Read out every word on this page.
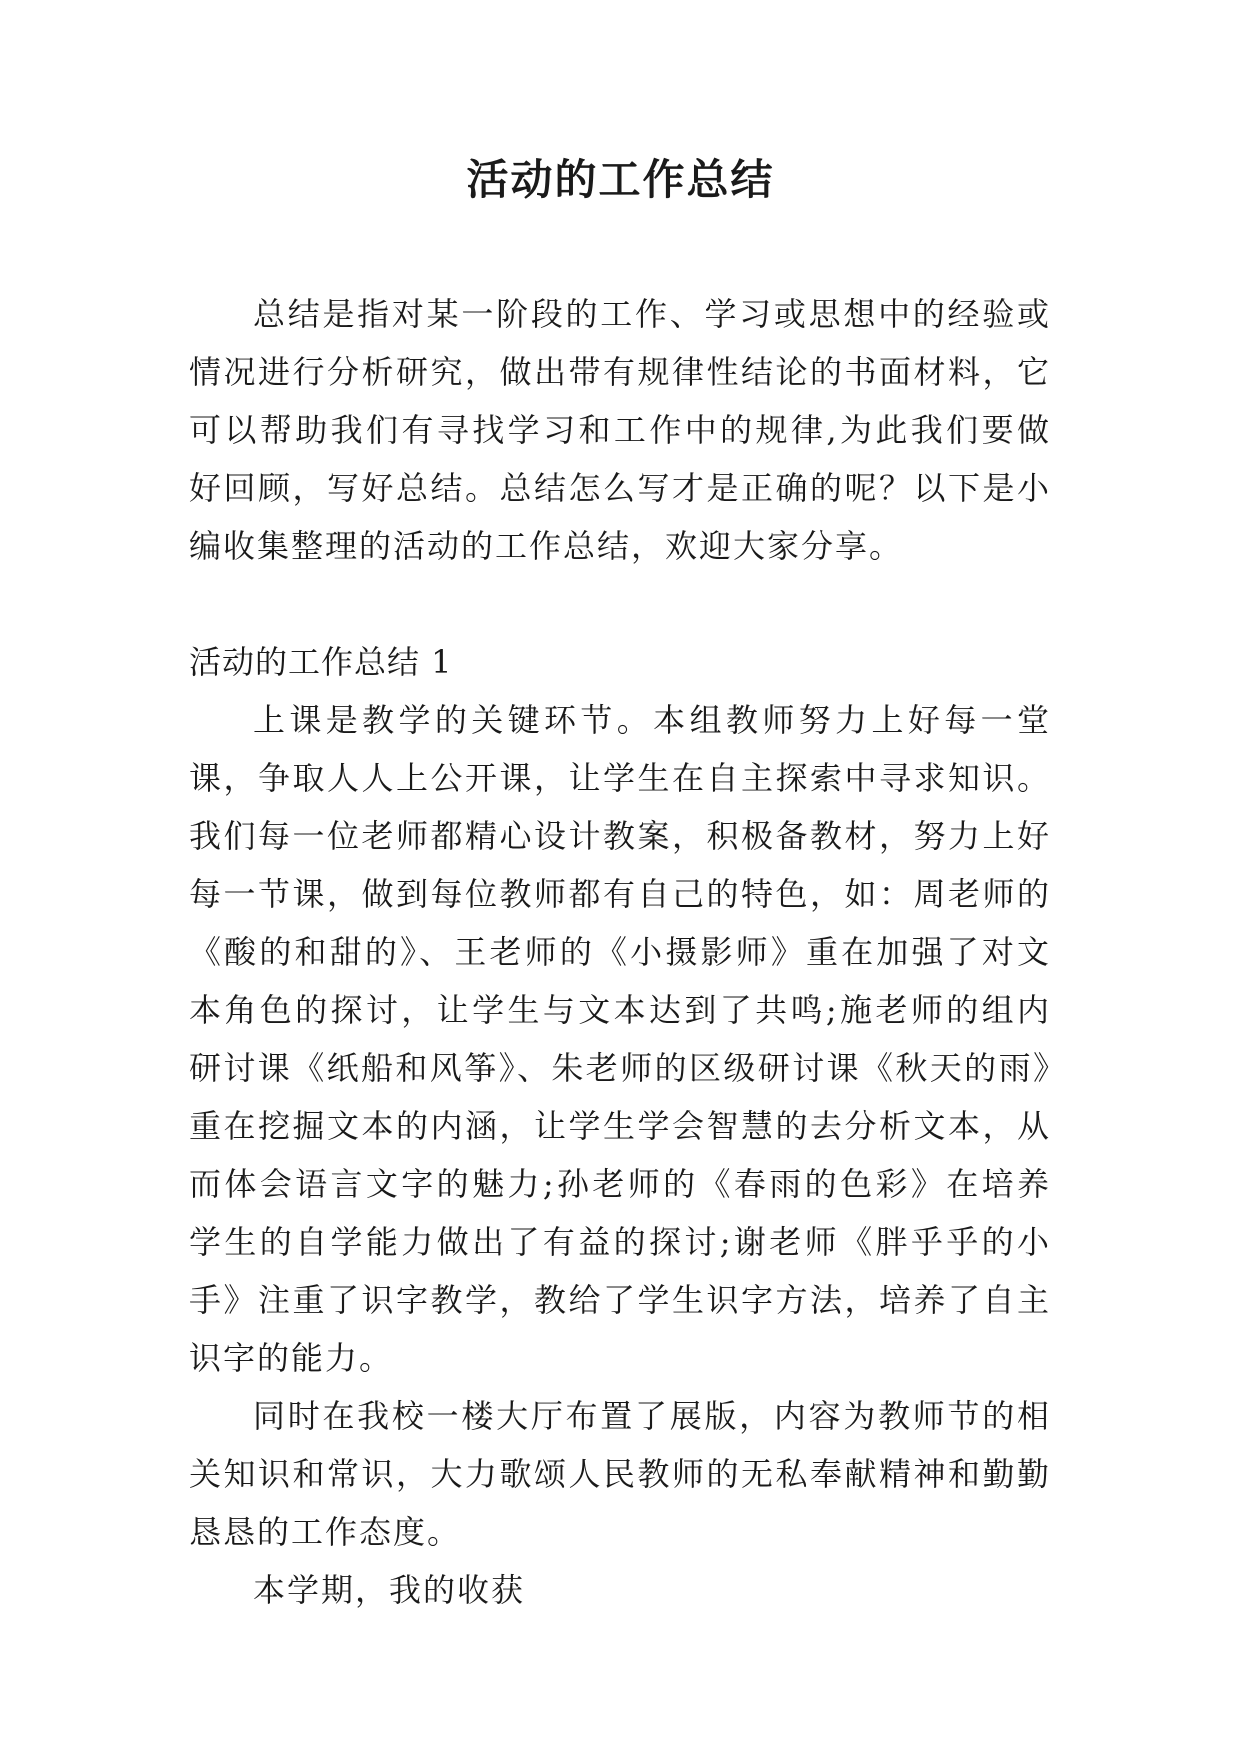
活动的工作总结

总结是指对某一阶段的工作、学习或思想中的经验或情况进行分析研究，做出带有规律性结论的书面材料，它可以帮助我们有寻找学习和工作中的规律,为此我们要做好回顾，写好总结。总结怎么写才是正确的呢？以下是小编收集整理的活动的工作总结，欢迎大家分享。

活动的工作总结 1

上课是教学的关键环节。本组教师努力上好每一堂课，争取人人上公开课，让学生在自主探索中寻求知识。我们每一位老师都精心设计教案，积极备教材，努力上好每一节课，做到每位教师都有自己的特色，如：周老师的《酸的和甜的》、王老师的《小摄影师》重在加强了对文本角色的探讨，让学生与文本达到了共鸣;施老师的组内研讨课《纸船和风筝》、朱老师的区级研讨课《秋天的雨》重在挖掘文本的内涵，让学生学会智慧的去分析文本，从而体会语言文字的魅力;孙老师的《春雨的色彩》在培养学生的自学能力做出了有益的探讨;谢老师《胖乎乎的小手》注重了识字教学，教给了学生识字方法，培养了自主识字的能力。

同时在我校一楼大厅布置了展版，内容为教师节的相关知识和常识，大力歌颂人民教师的无私奉献精神和勤勤恳恳的工作态度。

本学期，我的收获
